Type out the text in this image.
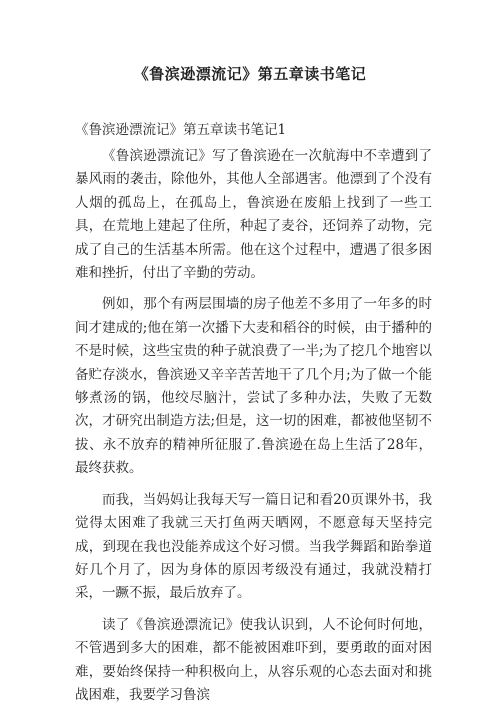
《鲁滨逊漂流记》第五章读书笔记

《鲁滨逊漂流记》第五章读书笔记1

《鲁滨逊漂流记》写了鲁滨逊在一次航海中不幸遭到了暴风雨的袭击，除他外，其他人全部遇害。他漂到了个没有人烟的孤岛上，在孤岛上，鲁滨逊在废船上找到了一些工具，在荒地上建起了住所，种起了麦谷，还饲养了动物，完成了自己的生活基本所需。他在这个过程中，遭遇了很多困难和挫折，付出了辛勤的劳动。

例如，那个有两层围墙的房子他差不多用了一年多的时间才建成的;他在第一次播下大麦和稻谷的时候，由于播种的不是时候，这些宝贵的种子就浪费了一半;为了挖几个地窖以备贮存淡水，鲁滨逊又辛辛苦苦地干了几个月;为了做一个能够煮汤的锅，他绞尽脑汁，尝试了多种办法，失败了无数次，才研究出制造方法;但是，这一切的困难，都被他坚韧不拔、永不放弃的精神所征服了.鲁滨逊在岛上生活了28年，最终获救。

而我，当妈妈让我每天写一篇日记和看20页课外书，我觉得太困难了我就三天打鱼两天晒网，不愿意每天坚持完成，到现在我也没能养成这个好习惯。当我学舞蹈和跆拳道好几个月了，因为身体的原因考级没有通过，我就没精打采，一蹶不振，最后放弃了。

读了《鲁滨逊漂流记》使我认识到，人不论何时何地，不管遇到多大的困难，都不能被困难吓到，要勇敢的面对困难，要始终保持一种积极向上，从容乐观的心态去面对和挑战困难，我要学习鲁滨
